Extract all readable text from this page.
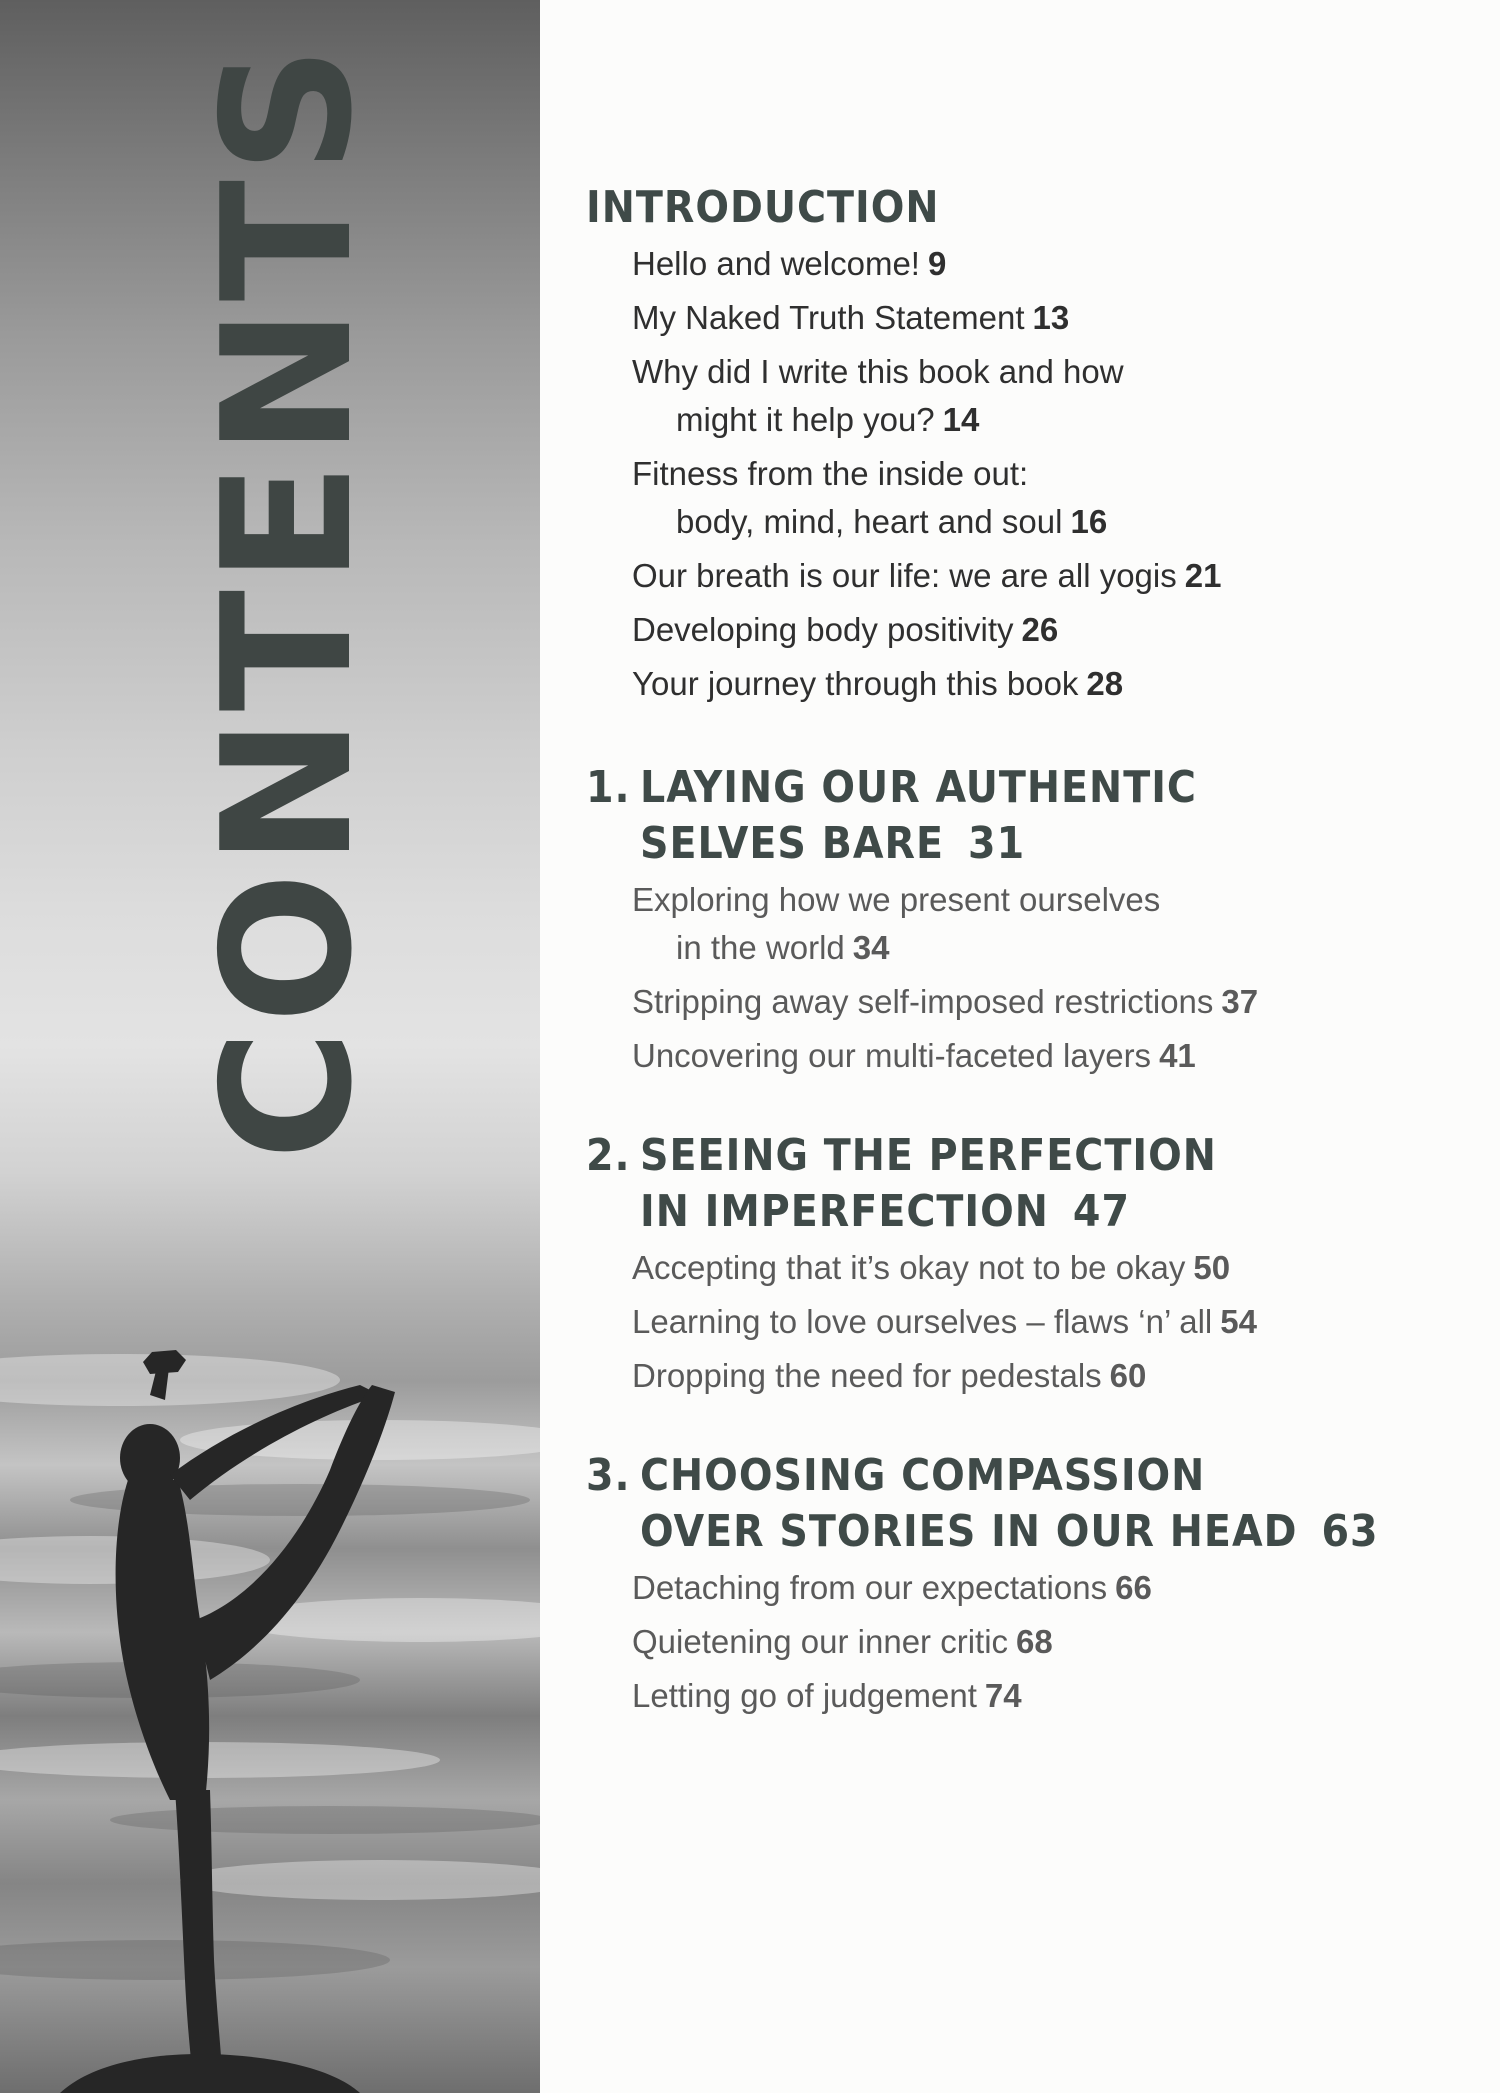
CONTENTS	INTRODUCTION
Hello and welcome! 9
My Naked Truth Statement 13
Why did I write this book and how
might it help you? 14
Fitness from the inside out:
body, mind, heart and soul 16
Our breath is our life: we are all yogis 21
Developing body positivity 26
Your journey through this book 28
1. LAYING OUR AUTHENTIC
SELVES BARE 31
Exploring how we present ourselves
in the world 34
Stripping away self-imposed restrictions 37
Uncovering our multi-faceted layers 41
2. SEEING THE PERFECTION
IN IMPERFECTION 47
Accepting that it’s okay not to be okay 50
Learning to love ourselves – flaws ‘n’ all 54
Dropping the need for pedestals 60
3. CHOOSING COMPASSION
OVER STORIES IN OUR HEAD 63
Detaching from our expectations 66
Quietening our inner critic 68
Letting go of judgement 74
